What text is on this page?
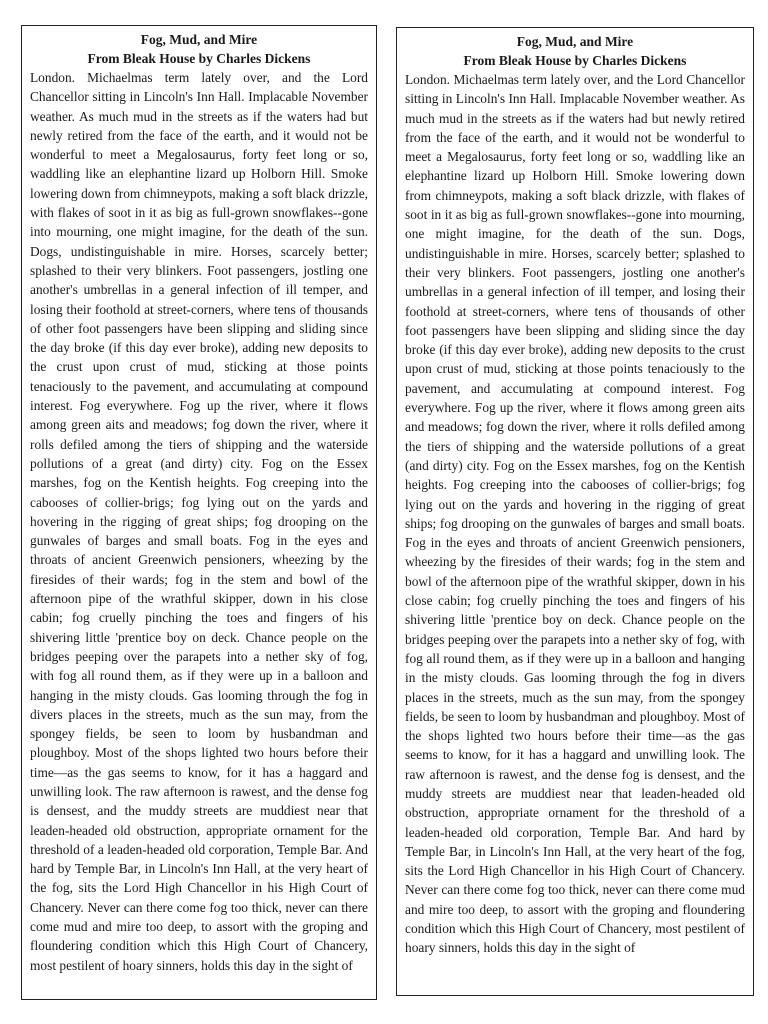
Fog, Mud, and Mire

From Bleak House by Charles Dickens

London. Michaelmas term lately over, and the Lord Chancellor sitting in Lincoln's Inn Hall. Implacable November weather. As much mud in the streets as if the waters had but newly retired from the face of the earth, and it would not be wonderful to meet a Megalosaurus, forty feet long or so, waddling like an elephantine lizard up Holborn Hill. Smoke lowering down from chimneypots, making a soft black drizzle, with flakes of soot in it as big as full-grown snowflakes--gone into mourning, one might imagine, for the death of the sun. Dogs, undistinguishable in mire. Horses, scarcely better; splashed to their very blinkers. Foot passengers, jostling one another's umbrellas in a general infection of ill temper, and losing their foothold at street-corners, where tens of thousands of other foot passengers have been slipping and sliding since the day broke (if this day ever broke), adding new deposits to the crust upon crust of mud, sticking at those points tenaciously to the pavement, and accumulating at compound interest. Fog everywhere. Fog up the river, where it flows among green aits and meadows; fog down the river, where it rolls defiled among the tiers of shipping and the waterside pollutions of a great (and dirty) city. Fog on the Essex marshes, fog on the Kentish heights. Fog creeping into the cabooses of collier-brigs; fog lying out on the yards and hovering in the rigging of great ships; fog drooping on the gunwales of barges and small boats. Fog in the eyes and throats of ancient Greenwich pensioners, wheezing by the firesides of their wards; fog in the stem and bowl of the afternoon pipe of the wrathful skipper, down in his close cabin; fog cruelly pinching the toes and fingers of his shivering little 'prentice boy on deck. Chance people on the bridges peeping over the parapets into a nether sky of fog, with fog all round them, as if they were up in a balloon and hanging in the misty clouds. Gas looming through the fog in divers places in the streets, much as the sun may, from the spongey fields, be seen to loom by husbandman and ploughboy. Most of the shops lighted two hours before their time—as the gas seems to know, for it has a haggard and unwilling look. The raw afternoon is rawest, and the dense fog is densest, and the muddy streets are muddiest near that leaden-headed old obstruction, appropriate ornament for the threshold of a leaden-headed old corporation, Temple Bar. And hard by Temple Bar, in Lincoln's Inn Hall, at the very heart of the fog, sits the Lord High Chancellor in his High Court of Chancery. Never can there come fog too thick, never can there come mud and mire too deep, to assort with the groping and floundering condition which this High Court of Chancery, most pestilent of hoary sinners, holds this day in the sight of

Fog, Mud, and Mire

From Bleak House by Charles Dickens

London. Michaelmas term lately over, and the Lord Chancellor sitting in Lincoln's Inn Hall. Implacable November weather. As much mud in the streets as if the waters had but newly retired from the face of the earth, and it would not be wonderful to meet a Megalosaurus, forty feet long or so, waddling like an elephantine lizard up Holborn Hill. Smoke lowering down from chimneypots, making a soft black drizzle, with flakes of soot in it as big as full-grown snowflakes--gone into mourning, one might imagine, for the death of the sun. Dogs, undistinguishable in mire. Horses, scarcely better; splashed to their very blinkers. Foot passengers, jostling one another's umbrellas in a general infection of ill temper, and losing their foothold at street-corners, where tens of thousands of other foot passengers have been slipping and sliding since the day broke (if this day ever broke), adding new deposits to the crust upon crust of mud, sticking at those points tenaciously to the pavement, and accumulating at compound interest. Fog everywhere. Fog up the river, where it flows among green aits and meadows; fog down the river, where it rolls defiled among the tiers of shipping and the waterside pollutions of a great (and dirty) city. Fog on the Essex marshes, fog on the Kentish heights. Fog creeping into the cabooses of collier-brigs; fog lying out on the yards and hovering in the rigging of great ships; fog drooping on the gunwales of barges and small boats. Fog in the eyes and throats of ancient Greenwich pensioners, wheezing by the firesides of their wards; fog in the stem and bowl of the afternoon pipe of the wrathful skipper, down in his close cabin; fog cruelly pinching the toes and fingers of his shivering little 'prentice boy on deck. Chance people on the bridges peeping over the parapets into a nether sky of fog, with fog all round them, as if they were up in a balloon and hanging in the misty clouds. Gas looming through the fog in divers places in the streets, much as the sun may, from the spongey fields, be seen to loom by husbandman and ploughboy. Most of the shops lighted two hours before their time—as the gas seems to know, for it has a haggard and unwilling look. The raw afternoon is rawest, and the dense fog is densest, and the muddy streets are muddiest near that leaden-headed old obstruction, appropriate ornament for the threshold of a leaden-headed old corporation, Temple Bar. And hard by Temple Bar, in Lincoln's Inn Hall, at the very heart of the fog, sits the Lord High Chancellor in his High Court of Chancery. Never can there come fog too thick, never can there come mud and mire too deep, to assort with the groping and floundering condition which this High Court of Chancery, most pestilent of hoary sinners, holds this day in the sight of
